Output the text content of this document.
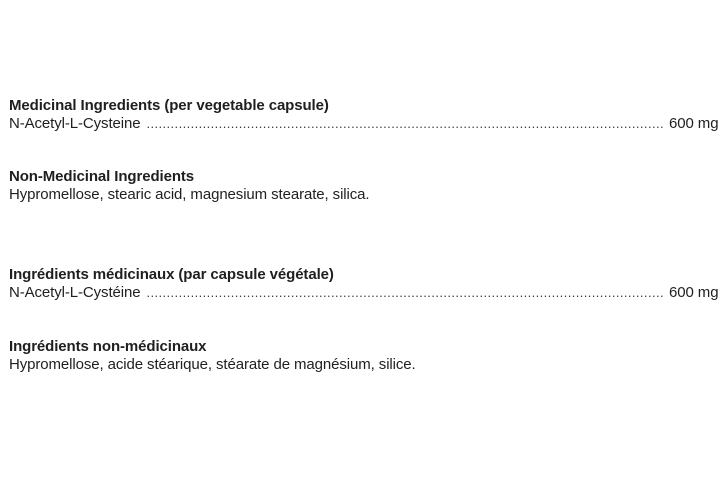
Medicinal Ingredients (per vegetable capsule)
N-Acetyl-L-Cysteine ................................................................................................................................. 600 mg
Non-Medicinal Ingredients
Hypromellose, stearic acid, magnesium stearate, silica.
Ingrédients médicinaux (par capsule végétale)
N-Acetyl-L-Cystéine ................................................................................................................................. 600 mg
Ingrédients non-médicinaux
Hypromellose, acide stéarique, stéarate de magnésium, silice.
